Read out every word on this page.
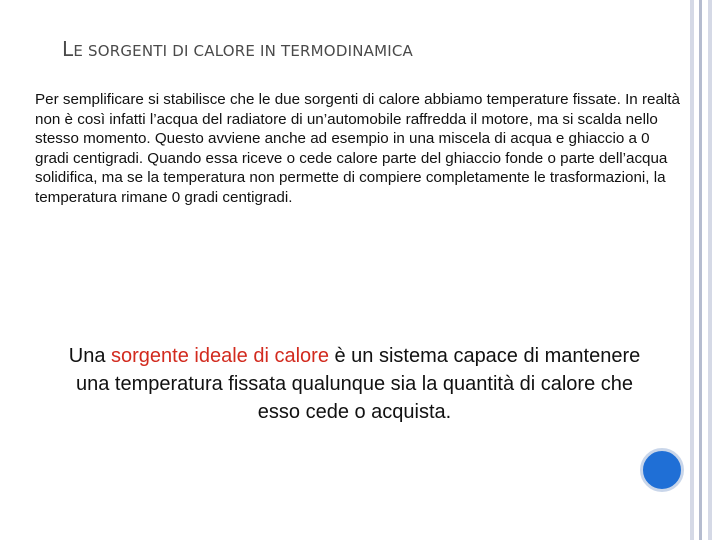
LE SORGENTI DI CALORE IN TERMODINAMICA

Per semplificare si stabilisce che le due sorgenti di calore abbiamo temperature fissate. In realtà non è così infatti l’acqua del radiatore di un’automobile raffredda il motore, ma si scalda nello stesso momento. Questo avviene anche ad esempio in una miscela di acqua e ghiaccio a 0 gradi centigradi. Quando essa riceve o cede calore parte del ghiaccio fonde o parte dell’acqua solidifica, ma se la temperatura non permette di compiere completamente le trasformazioni, la temperatura rimane 0 gradi centigradi.

Una sorgente ideale di calore è un sistema capace di mantenere una temperatura fissata qualunque sia la quantità di calore che esso cede o acquista.
